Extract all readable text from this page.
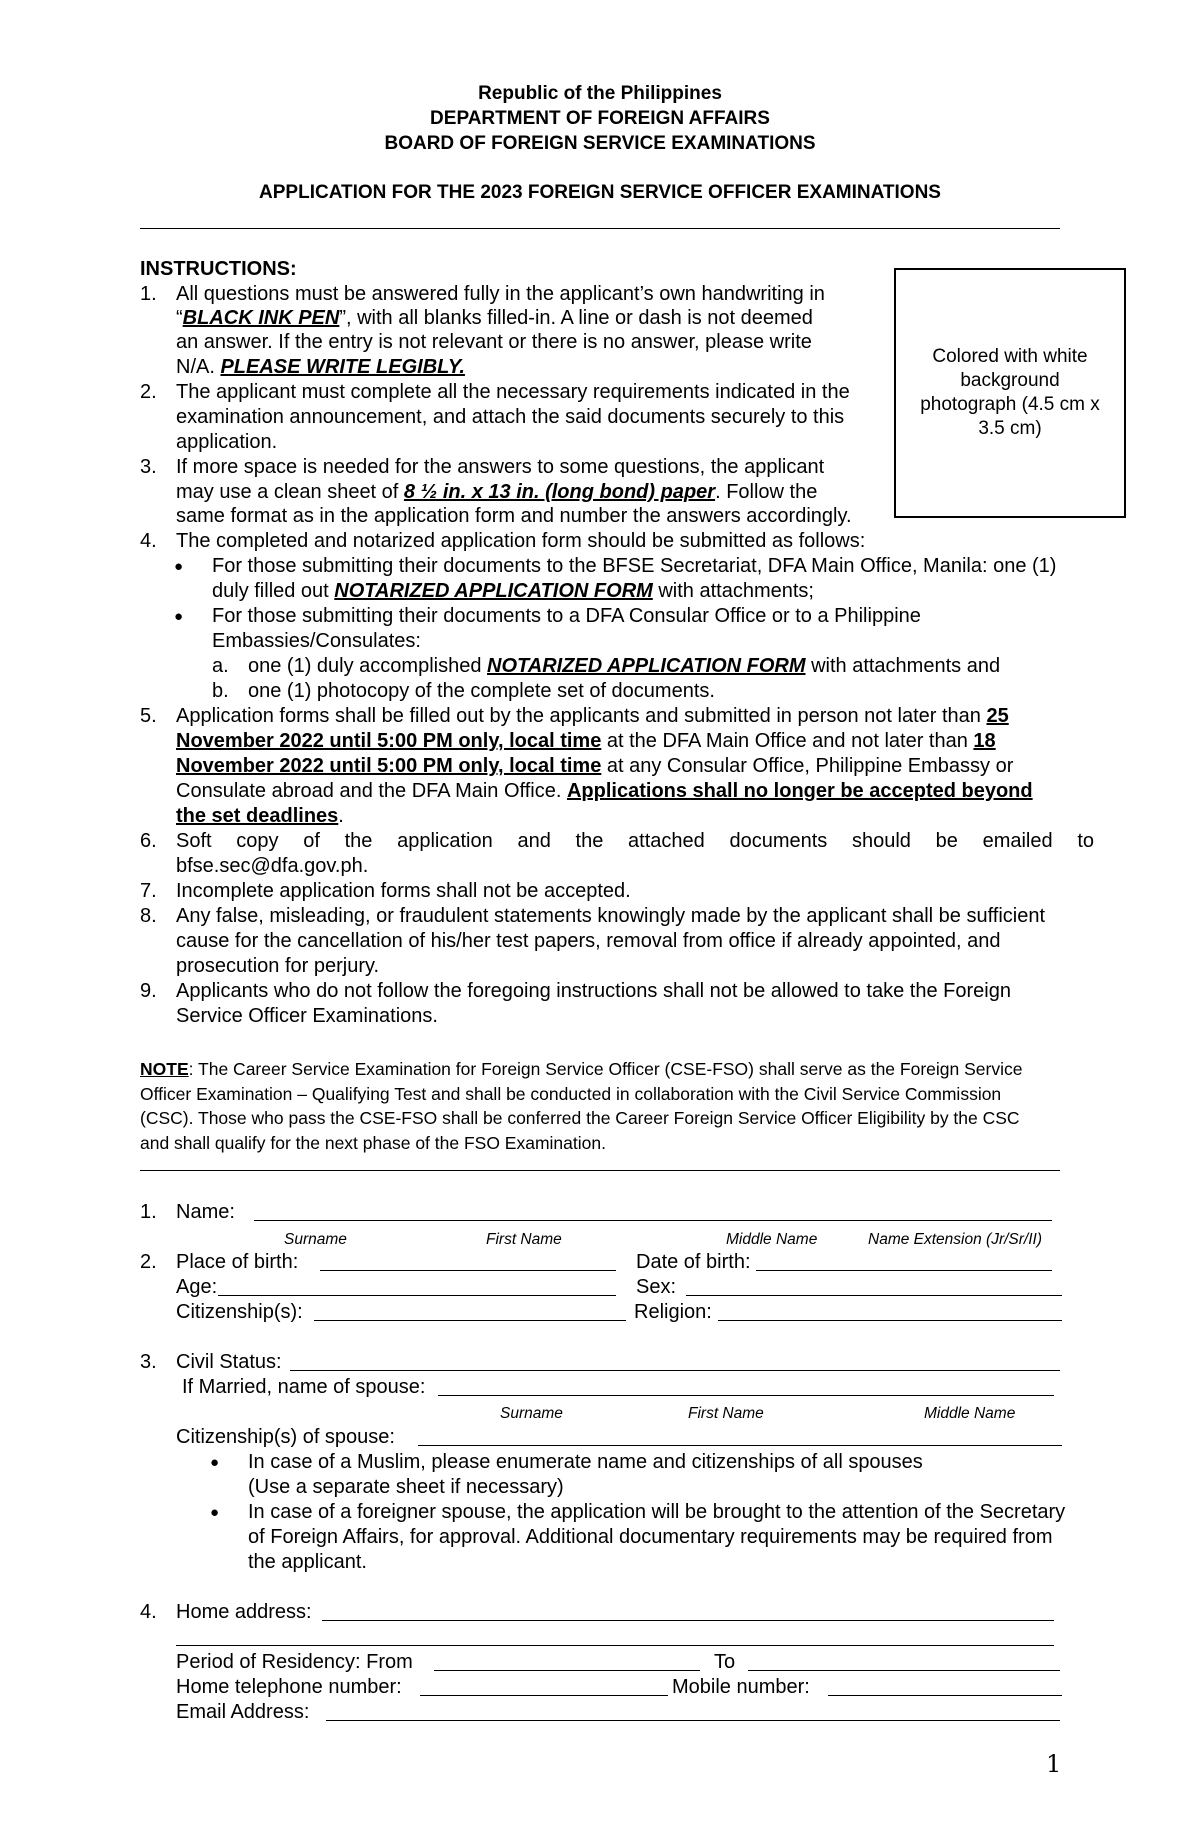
Republic of the Philippines
DEPARTMENT OF FOREIGN AFFAIRS
BOARD OF FOREIGN SERVICE EXAMINATIONS
APPLICATION FOR THE 2023 FOREIGN SERVICE OFFICER EXAMINATIONS
Colored with white background photograph (4.5 cm x 3.5 cm)
INSTRUCTIONS:
1. All questions must be answered fully in the applicant’s own handwriting in
“BLACK INK PEN”, with all blanks filled-in. A line or dash is not deemed
an answer. If the entry is not relevant or there is no answer, please write
N/A. PLEASE WRITE LEGIBLY.
2. The applicant must complete all the necessary requirements indicated in the
examination announcement, and attach the said documents securely to this
application.
3. If more space is needed for the answers to some questions, the applicant
may use a clean sheet of 8 ½ in. x 13 in. (long bond) paper. Follow the
same format as in the application form and number the answers accordingly.
4. The completed and notarized application form should be submitted as follows:
● For those submitting their documents to the BFSE Secretariat, DFA Main Office, Manila: one (1)
duly filled out NOTARIZED APPLICATION FORM with attachments;
● For those submitting their documents to a DFA Consular Office or to a Philippine
Embassies/Consulates:
a. one (1) duly accomplished NOTARIZED APPLICATION FORM with attachments and
b. one (1) photocopy of the complete set of documents.
5. Application forms shall be filled out by the applicants and submitted in person not later than 25
November 2022 until 5:00 PM only, local time at the DFA Main Office and not later than 18
November 2022 until 5:00 PM only, local time at any Consular Office, Philippine Embassy or
Consulate abroad and the DFA Main Office. Applications shall no longer be accepted beyond
the set deadlines.
6. Soft copy of the application and the attached documents should be emailed to
bfse.sec@dfa.gov.ph.
7. Incomplete application forms shall not be accepted.
8. Any false, misleading, or fraudulent statements knowingly made by the applicant shall be sufficient
cause for the cancellation of his/her test papers, removal from office if already appointed, and
prosecution for perjury.
9. Applicants who do not follow the foregoing instructions shall not be allowed to take the Foreign
Service Officer Examinations.
NOTE: The Career Service Examination for Foreign Service Officer (CSE-FSO) shall serve as the Foreign Service
Officer Examination – Qualifying Test and shall be conducted in collaboration with the Civil Service Commission
(CSC). Those who pass the CSE-FSO shall be conferred the Career Foreign Service Officer Eligibility by the CSC
and shall qualify for the next phase of the FSO Examination.
1. Name:
Surname	First Name	Middle Name	Name Extension (Jr/Sr/II)
2. Place of birth:	Date of birth:
Age:	Sex:
Citizenship(s):	Religion:
3. Civil Status:
If Married, name of spouse:
Surname	First Name	Middle Name
Citizenship(s) of spouse:
● In case of a Muslim, please enumerate name and citizenships of all spouses
(Use a separate sheet if necessary)
● In case of a foreigner spouse, the application will be brought to the attention of the Secretary
of Foreign Affairs, for approval. Additional documentary requirements may be required from
the applicant.
4. Home address:
Period of Residency: From	To
Home telephone number:	Mobile number:
Email Address:
1
